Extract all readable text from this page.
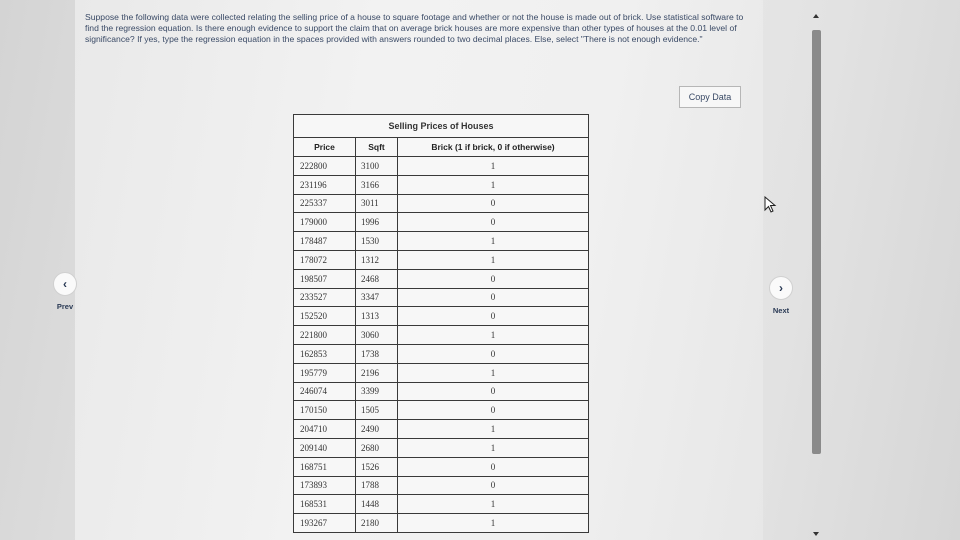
Suppose the following data were collected relating the selling price of a house to square footage and whether or not the house is made out of brick. Use statistical software to find the regression equation. Is there enough evidence to support the claim that on average brick houses are more expensive than other types of houses at the 0.01 level of significance? If yes, type the regression equation in the spaces provided with answers rounded to two decimal places. Else, select "There is not enough evidence."

Copy Data
Selling Prices of Houses		
Price	Sqft	Brick (1 if brick, 0 if otherwise)
222800	3100	1
231196	3166	1
225337	3011	0
179000	1996	0
178487	1530	1
178072	1312	1
198507	2468	0
233527	3347	0
152520	1313	0
221800	3060	1
162853	1738	0
195779	2196	1
246074	3399	0
170150	1505	0
204710	2490	1
209140	2680	1
168751	1526	0
173893	1788	0
168531	1448	1
193267	2180	1
‹
Prev
›
Next
